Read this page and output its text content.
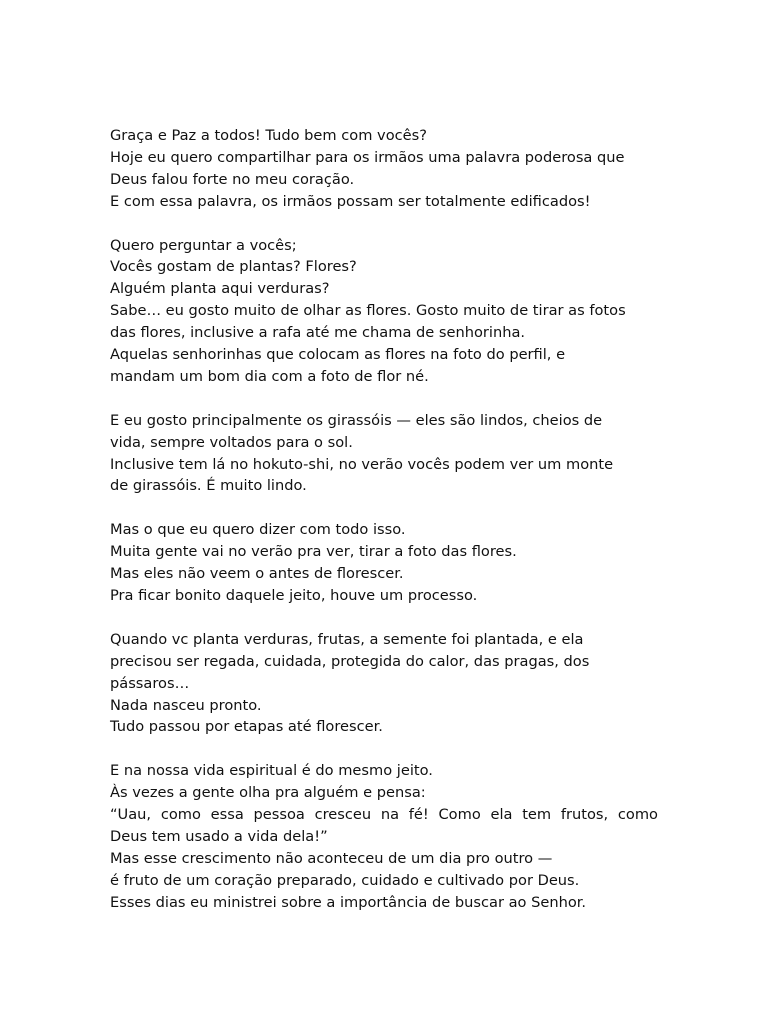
Graça e Paz a todos! Tudo bem com vocês?
Hoje eu quero compartilhar para os irmãos uma palavra poderosa que
Deus falou forte no meu coração.
E com essa palavra, os irmãos possam ser totalmente edificados!

Quero perguntar a vocês;
Vocês gostam de plantas? Flores?
Alguém planta aqui verduras?
Sabe… eu gosto muito de olhar as flores. Gosto muito de tirar as fotos
das flores, inclusive a rafa até me chama de senhorinha.
Aquelas senhorinhas que colocam as flores na foto do perfil, e
mandam um bom dia com a foto de flor né.

E eu gosto principalmente os girassóis — eles são lindos, cheios de
vida, sempre voltados para o sol.
Inclusive tem lá no hokuto-shi, no verão vocês podem ver um monte
de girassóis. É muito lindo.

Mas o que eu quero dizer com todo isso.
Muita gente vai no verão pra ver, tirar a foto das flores.
Mas eles não veem o antes de florescer.
Pra ficar bonito daquele jeito, houve um processo.

Quando vc planta verduras, frutas, a semente foi plantada, e ela
precisou ser regada, cuidada, protegida do calor, das pragas, dos
pássaros…
Nada nasceu pronto.
Tudo passou por etapas até florescer.

E na nossa vida espiritual é do mesmo jeito.
Às vezes a gente olha pra alguém e pensa:
“Uau, como essa pessoa cresceu na fé! Como ela tem frutos, como
Deus tem usado a vida dela!”
Mas esse crescimento não aconteceu de um dia pro outro —
é fruto de um coração preparado, cuidado e cultivado por Deus.
Esses dias eu ministrei sobre a importância de buscar ao Senhor.
